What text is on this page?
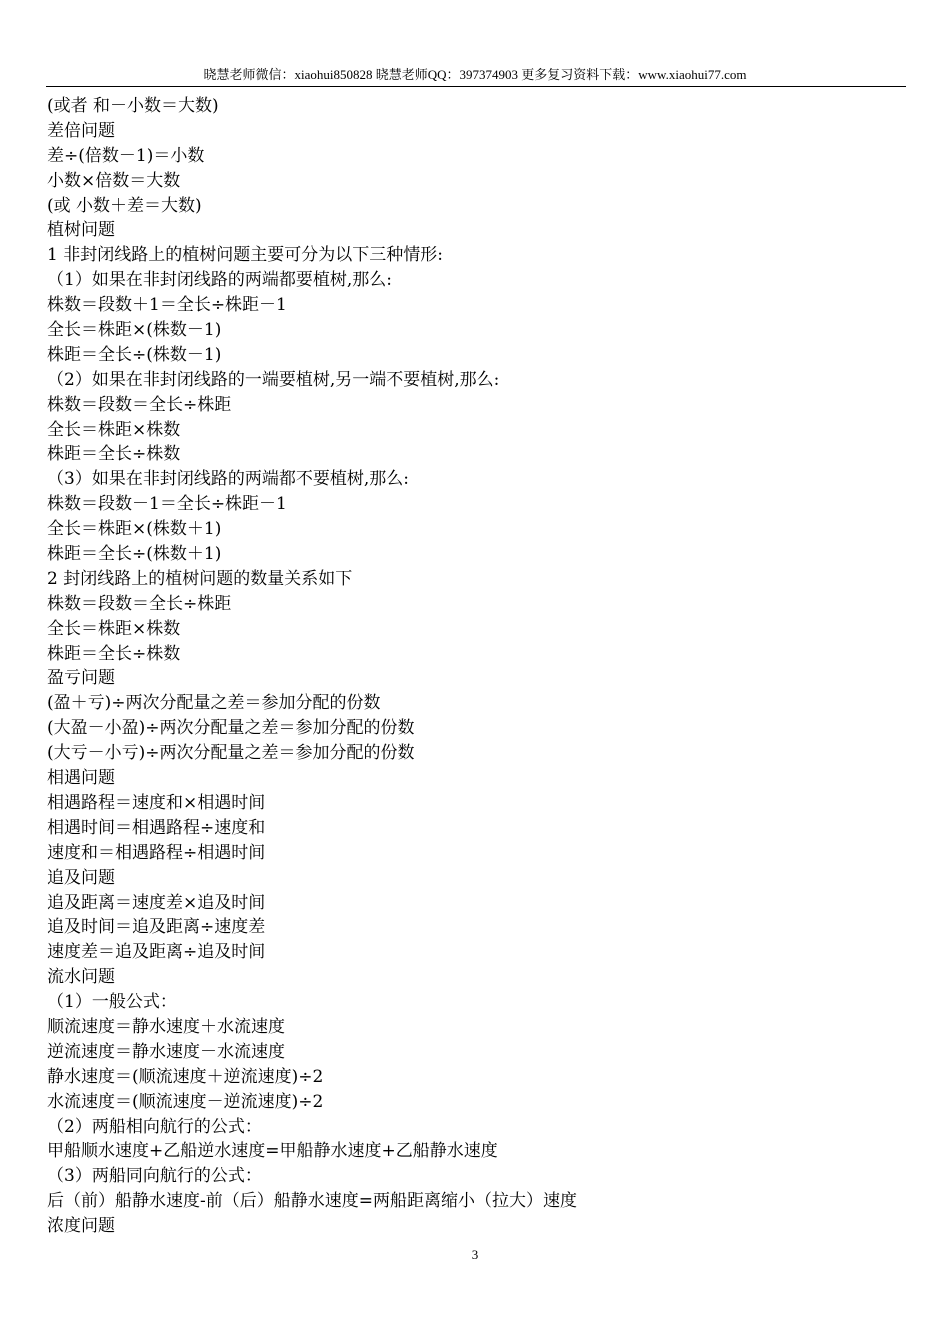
晓慧老师微信：xiaohui850828 晓慧老师QQ：397374903 更多复习资料下载：www.xiaohui77.com
(或者 和－小数＝大数)
差倍问题
差÷(倍数－1)＝小数
小数×倍数＝大数
(或 小数＋差＝大数)
植树问题
1 非封闭线路上的植树问题主要可分为以下三种情形:
（1）如果在非封闭线路的两端都要植树,那么:
株数＝段数＋1＝全长÷株距－1
全长＝株距×(株数－1)
株距＝全长÷(株数－1)
（2）如果在非封闭线路的一端要植树,另一端不要植树,那么:
株数＝段数＝全长÷株距
全长＝株距×株数
株距＝全长÷株数
（3）如果在非封闭线路的两端都不要植树,那么:
株数＝段数－1＝全长÷株距－1
全长＝株距×(株数＋1)
株距＝全长÷(株数＋1)
2 封闭线路上的植树问题的数量关系如下
株数＝段数＝全长÷株距
全长＝株距×株数
株距＝全长÷株数
盈亏问题
(盈＋亏)÷两次分配量之差＝参加分配的份数
(大盈－小盈)÷两次分配量之差＝参加分配的份数
(大亏－小亏)÷两次分配量之差＝参加分配的份数
相遇问题
相遇路程＝速度和×相遇时间
相遇时间＝相遇路程÷速度和
速度和＝相遇路程÷相遇时间
追及问题
追及距离＝速度差×追及时间
追及时间＝追及距离÷速度差
速度差＝追及距离÷追及时间
流水问题
（1）一般公式：
顺流速度＝静水速度＋水流速度
逆流速度＝静水速度－水流速度
静水速度＝(顺流速度＋逆流速度)÷2
水流速度＝(顺流速度－逆流速度)÷2
（2）两船相向航行的公式：
甲船顺水速度+乙船逆水速度=甲船静水速度+乙船静水速度
（3）两船同向航行的公式：
后（前）船静水速度-前（后）船静水速度=两船距离缩小（拉大）速度
浓度问题
3
